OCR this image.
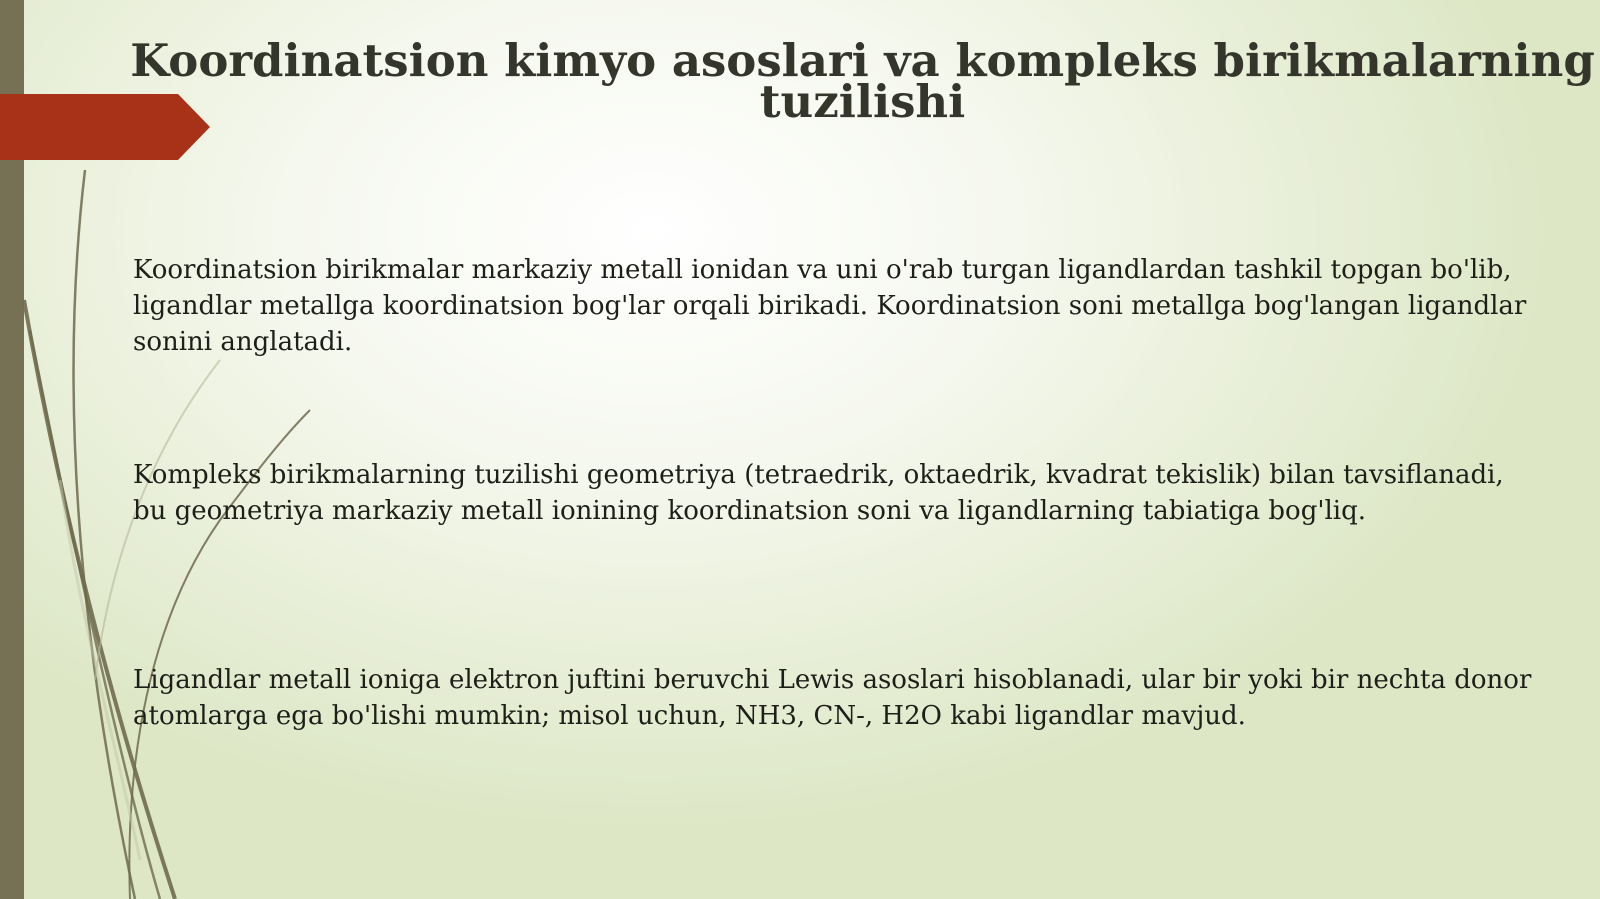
Koordinatsion kimyo asoslari va kompleks birikmalarning tuzilishi

Koordinatsion birikmalar markaziy metall ionidan va uni o'rab turgan ligandlardan tashkil topgan bo'lib, ligandlar metallga koordinatsion bog'lar orqali birikadi. Koordinatsion soni metallga bog'langan ligandlar sonini anglatadi.

Kompleks birikmalarning tuzilishi geometriya (tetraedrik, oktaedrik, kvadrat tekislik) bilan tavsiflanadi, bu geometriya markaziy metall ionining koordinatsion soni va ligandlarning tabiatiga bog'liq.

Ligandlar metall ioniga elektron juftini beruvchi Lewis asoslari hisoblanadi, ular bir yoki bir nechta donor atomlarga ega bo'lishi mumkin; misol uchun, NH3, CN-, H2O kabi ligandlar mavjud.
